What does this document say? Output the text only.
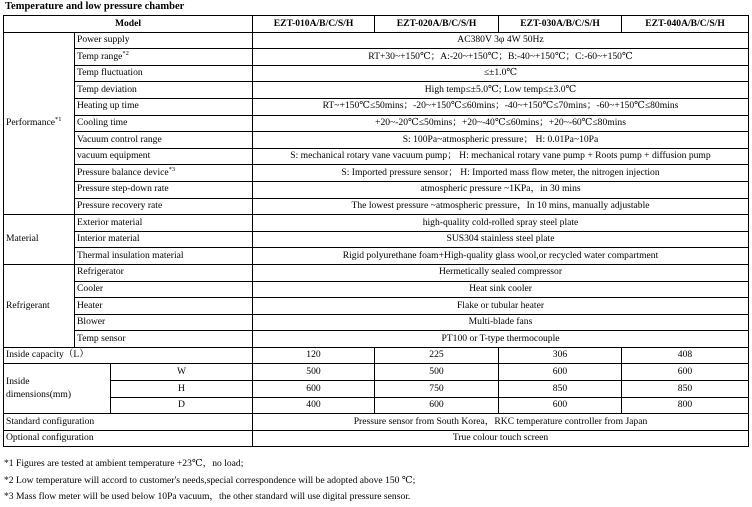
Temperature and low pressure chamber
Model			EZT-010A/B/C/S/H	EZT-020A/B/C/S/H	EZT-030A/B/C/S/H	EZT-040A/B/C/S/H
Performance$^{*1}$	Power supply		AC380V 3φ 4W 50Hz			
	Temp range$^{*2}$		RT+30~+150℃；A:-20~+150℃；B:-40~+150℃；C:-60~+150℃			
	Temp fluctuation		≤±1.0℃			
	Temp deviation		High temp≤±5.0℃; Low temp≤±3.0℃			
	Heating up time		RT~+150℃≤50mins；-20~+150℃≤60mins；-40~+150℃≤70mins；-60~+150℃≤80mins			
	Cooling time		+20~-20℃≤50mins；+20~-40℃≤60mins；+20~-60℃≤80mins			
	Vacuum control range		S: 100Pa~atmospheric pressure； H: 0.01Pa~10Pa			
	vacuum equipment		S: mechanical rotary vane vacuum pump； H: mechanical rotary vane pump + Roots pump + diffusion pump			
	Pressure balance device$^{*3}$		S: Imported pressure sensor； H: Imported mass flow meter, the nitrogen injection			
	Pressure step-down rate		atmospheric pressure ~1KPa，in 30 mins			
	Pressure recovery rate		The lowest pressure ~atmospheric pressure，In 10 mins, manually adjustable			
Material	Exterior material		high-quality cold-rolled spray steel plate			
	Interior material		SUS304 stainless steel plate			
	Thermal insulation material		Rigid polyurethane foam+High-quality glass wool,or recycled water compartment			
Refrigerant	Refrigerator		Hermetically sealed compressor			
	Cooler		Heat sink cooler			
	Heater		Flake or tubular heater			
	Blower		Multi-blade fans			
	Temp sensor		PT100 or T-type thermocouple			
Inside capacity（L）			120	225	306	408
Inside
dimensions(mm)		W	500	500	600	600
		H	600	750	850	850
		D	400	600	600	800
Standard configuration			Pressure sensor from South Korea，RKC temperature controller from Japan			
Optional configuration			True colour touch screen			
*1 Figures are tested at ambient temperature +23℃，no load;
*2 Low temperature will accord to customer's needs,special correspondence will be adopted above 150 ℃;
*3 Mass flow meter will be used below 10Pa vacuum，the other standard will use digital pressure sensor.
